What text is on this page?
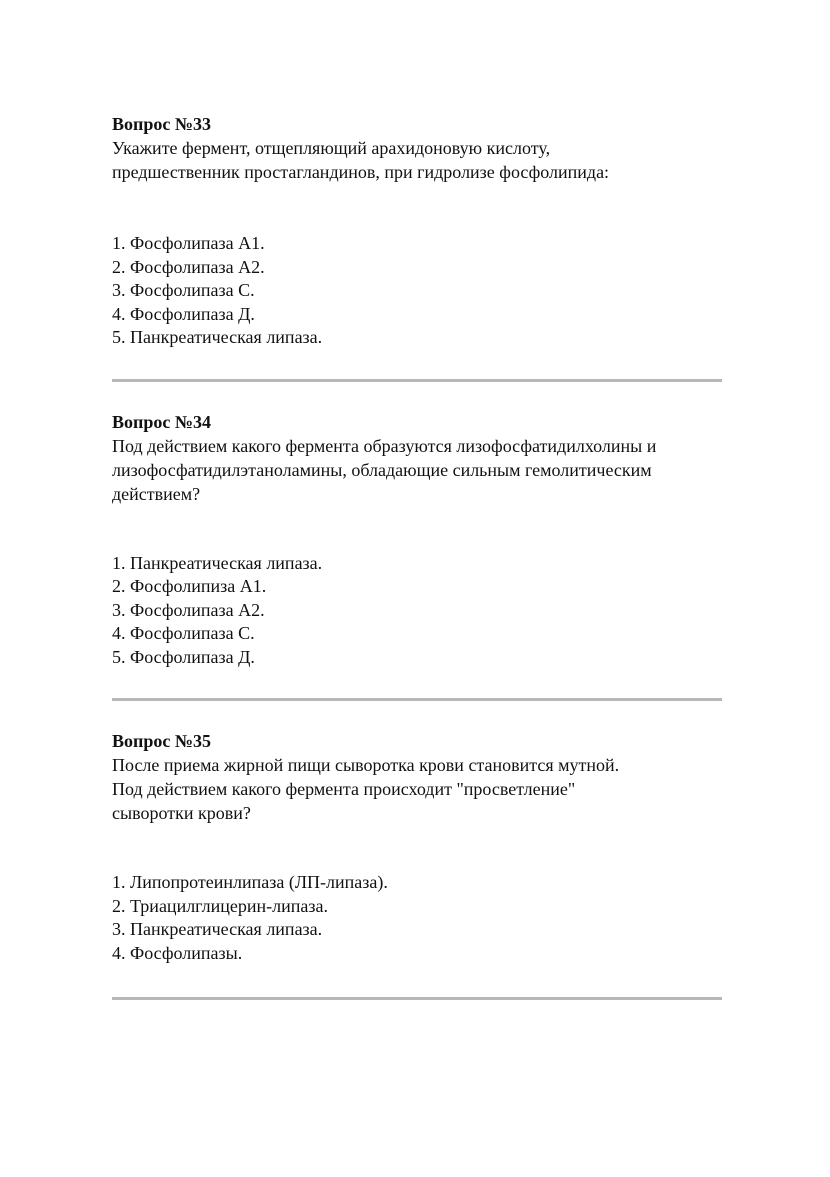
Вопрос №33

Укажите фермент, отщепляющий арахидоновую кислоту,
предшественник простагландинов, при гидролизе фосфолипида:

1. Фосфолипаза А1.
2. Фосфолипаза А2.
3. Фосфолипаза С.
4. Фосфолипаза Д.
5. Панкреатическая липаза.

Вопрос №34

Под действием какого фермента образуются лизофосфатидилхолины и
лизофосфатидилэтаноламины, обладающие сильным гемолитическим
действием?

1. Панкреатическая липаза.
2. Фосфолипиза А1.
3. Фосфолипаза А2.
4. Фосфолипаза С.
5. Фосфолипаза Д.

Вопрос №35

После приема жирной пищи сыворотка крови становится мутной.
Под действием какого фермента происходит "просветление"
сыворотки крови?

1. Липопротеинлипаза (ЛП-липаза).
2. Триацилглицерин-липаза.
3. Панкреатическая липаза.
4. Фосфолипазы.
